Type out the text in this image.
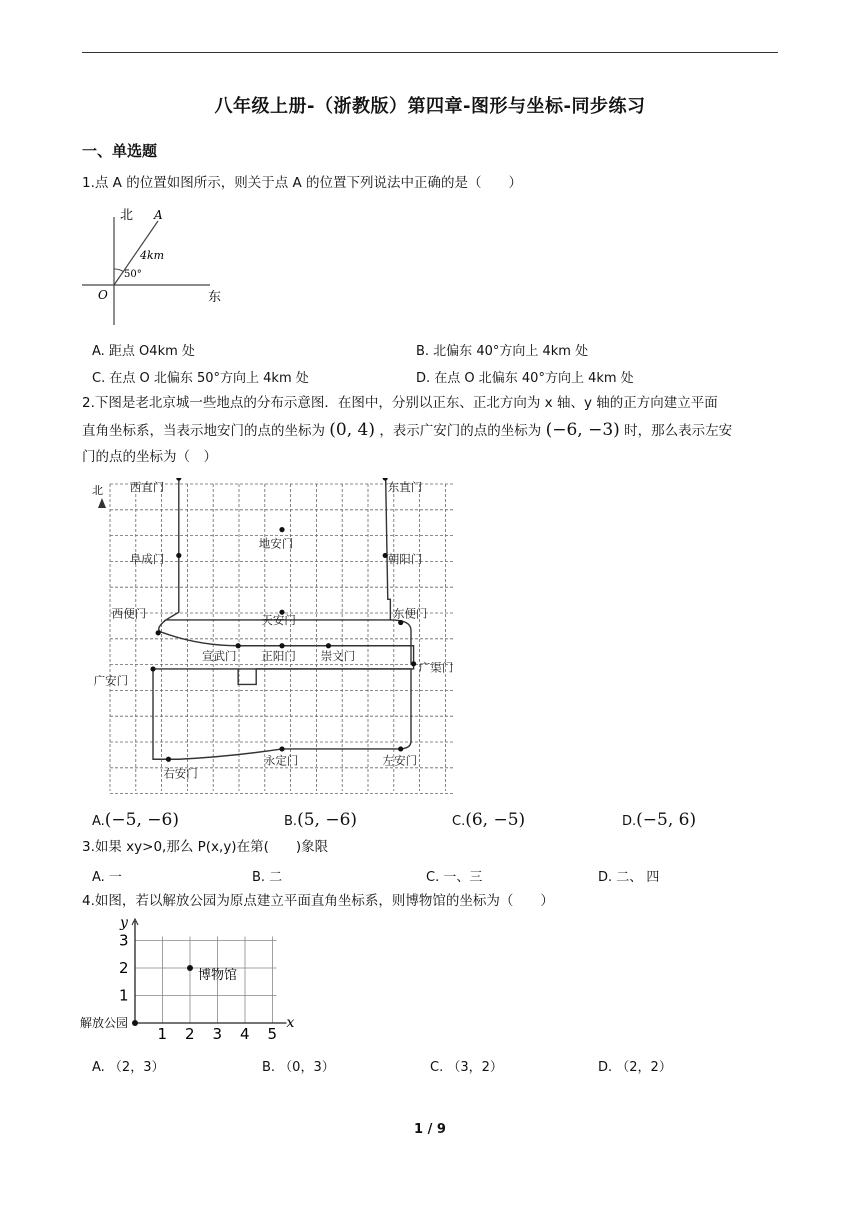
八年级上册-（浙教版）第四章-图形与坐标-同步练习
一、单选题
1.点 A 的位置如图所示，则关于点 A 的位置下列说法中正确的是（　　）
北 A
4km
50°
O	东
A. 距点 O4km 处	B. 北偏东 40°方向上 4km 处
C. 在点 O 北偏东 50°方向上 4km 处	D. 在点 O 北偏东 40°方向上 4km 处
2.下图是老北京城一些地点的分布示意图．在图中，分别以正东、正北方向为 x 轴、y 轴的正方向建立平面
直角坐标系，当表示地安门的点的坐标为 (0, 4) ，表示广安门的点的坐标为 (−6, −3) 时，那么表示左安
门的点的坐标为（　）
北 西直门	东直门
地安门
阜成门	朝阳门
西便门	天安门	东便门
宣武门 正阳门 崇文门
广渠门
广安门
右安门
永定门	左安门
A.(−5, −6)	B.(5, −6)	C.(6, −5)	D.(−5, 6)
3.如果 xy>0,那么 P(x,y)在第(　　)象限
A. 一	B. 二	C. 一、三	D. 二、 四
4.如图，若以解放公园为原点建立平面直角坐标系，则博物馆的坐标为（　　）
y
x
1 2 3 4 5
1
2
3
解放公园
博物馆
A. （2，3）	B. （0，3）	C. （3，2）	D. （2，2）
1 / 9
